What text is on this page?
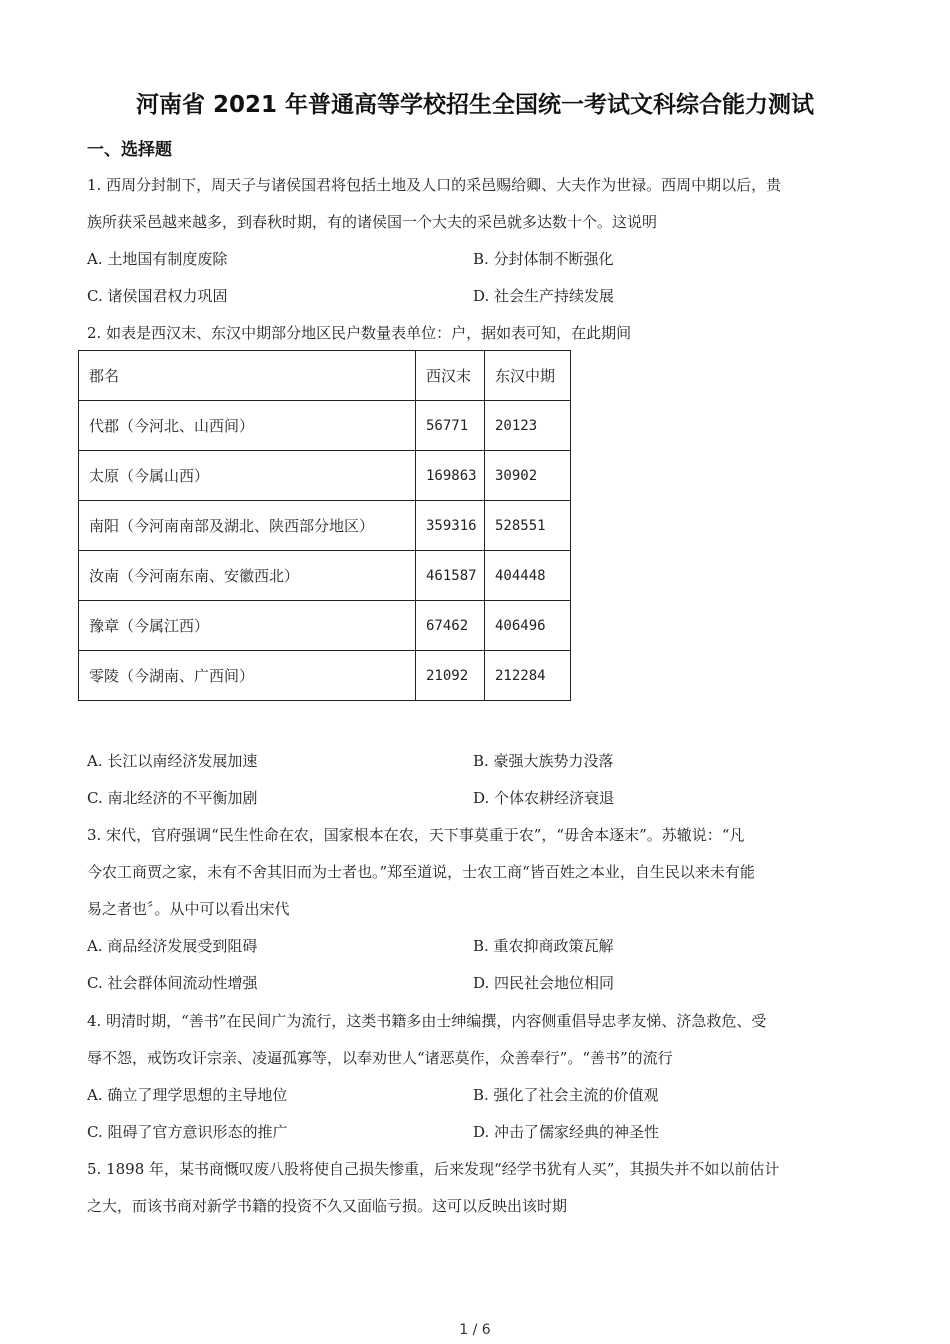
河南省 2021 年普通高等学校招生全国统一考试文科综合能力测试
一、选择题
1. 西周分封制下，周天子与诸侯国君将包括土地及人口的采邑赐给卿、大夫作为世禄。西周中期以后，贵
族所获采邑越来越多，到春秋时期，有的诸侯国一个大夫的采邑就多达数十个。这说明
A. 土地国有制度废除	B. 分封体制不断强化
C. 诸侯国君权力巩固	D. 社会生产持续发展
2. 如表是西汉末、东汉中期部分地区民户数量表单位：户，据如表可知，在此期间
郡名	西汉末	东汉中期
代郡（今河北、山西间）	56771	20123
太原（今属山西）	169863	30902
南阳（今河南南部及湖北、陕西部分地区）	359316	528551
汝南（今河南东南、安徽西北）	461587	404448
豫章（今属江西）	67462	406496
零陵（今湖南、广西间）	21092	212284
A. 长江以南经济发展加速	B. 豪强大族势力没落
C. 南北经济的不平衡加剧	D. 个体农耕经济衰退
3. 宋代，官府强调“民生性命在农，国家根本在农，天下事莫重于农”，“毋舍本逐末”。苏辙说：“凡
今农工商贾之家，未有不舍其旧而为士者也。”郑至道说，士农工商“皆百姓之本业，自生民以来未有能
易之者也〞。从中可以看出宋代
A. 商品经济发展受到阻碍	B. 重农抑商政策瓦解
C. 社会群体间流动性增强	D. 四民社会地位相同
4. 明清时期，“善书”在民间广为流行，这类书籍多由士绅编撰，内容侧重倡导忠孝友悌、济急救危、受
辱不怨，戒饬攻讦宗亲、凌逼孤寡等，以奉劝世人“诸恶莫作，众善奉行”。“善书”的流行
A. 确立了理学思想的主导地位	B. 强化了社会主流的价值观
C. 阻碍了官方意识形态的推广	D. 冲击了儒家经典的神圣性
5. 1898 年，某书商慨叹废八股将使自己损失惨重，后来发现“经学书犹有人买”，其损失并不如以前估计
之大，而该书商对新学书籍的投资不久又面临亏损。这可以反映出该时期
1 / 6
